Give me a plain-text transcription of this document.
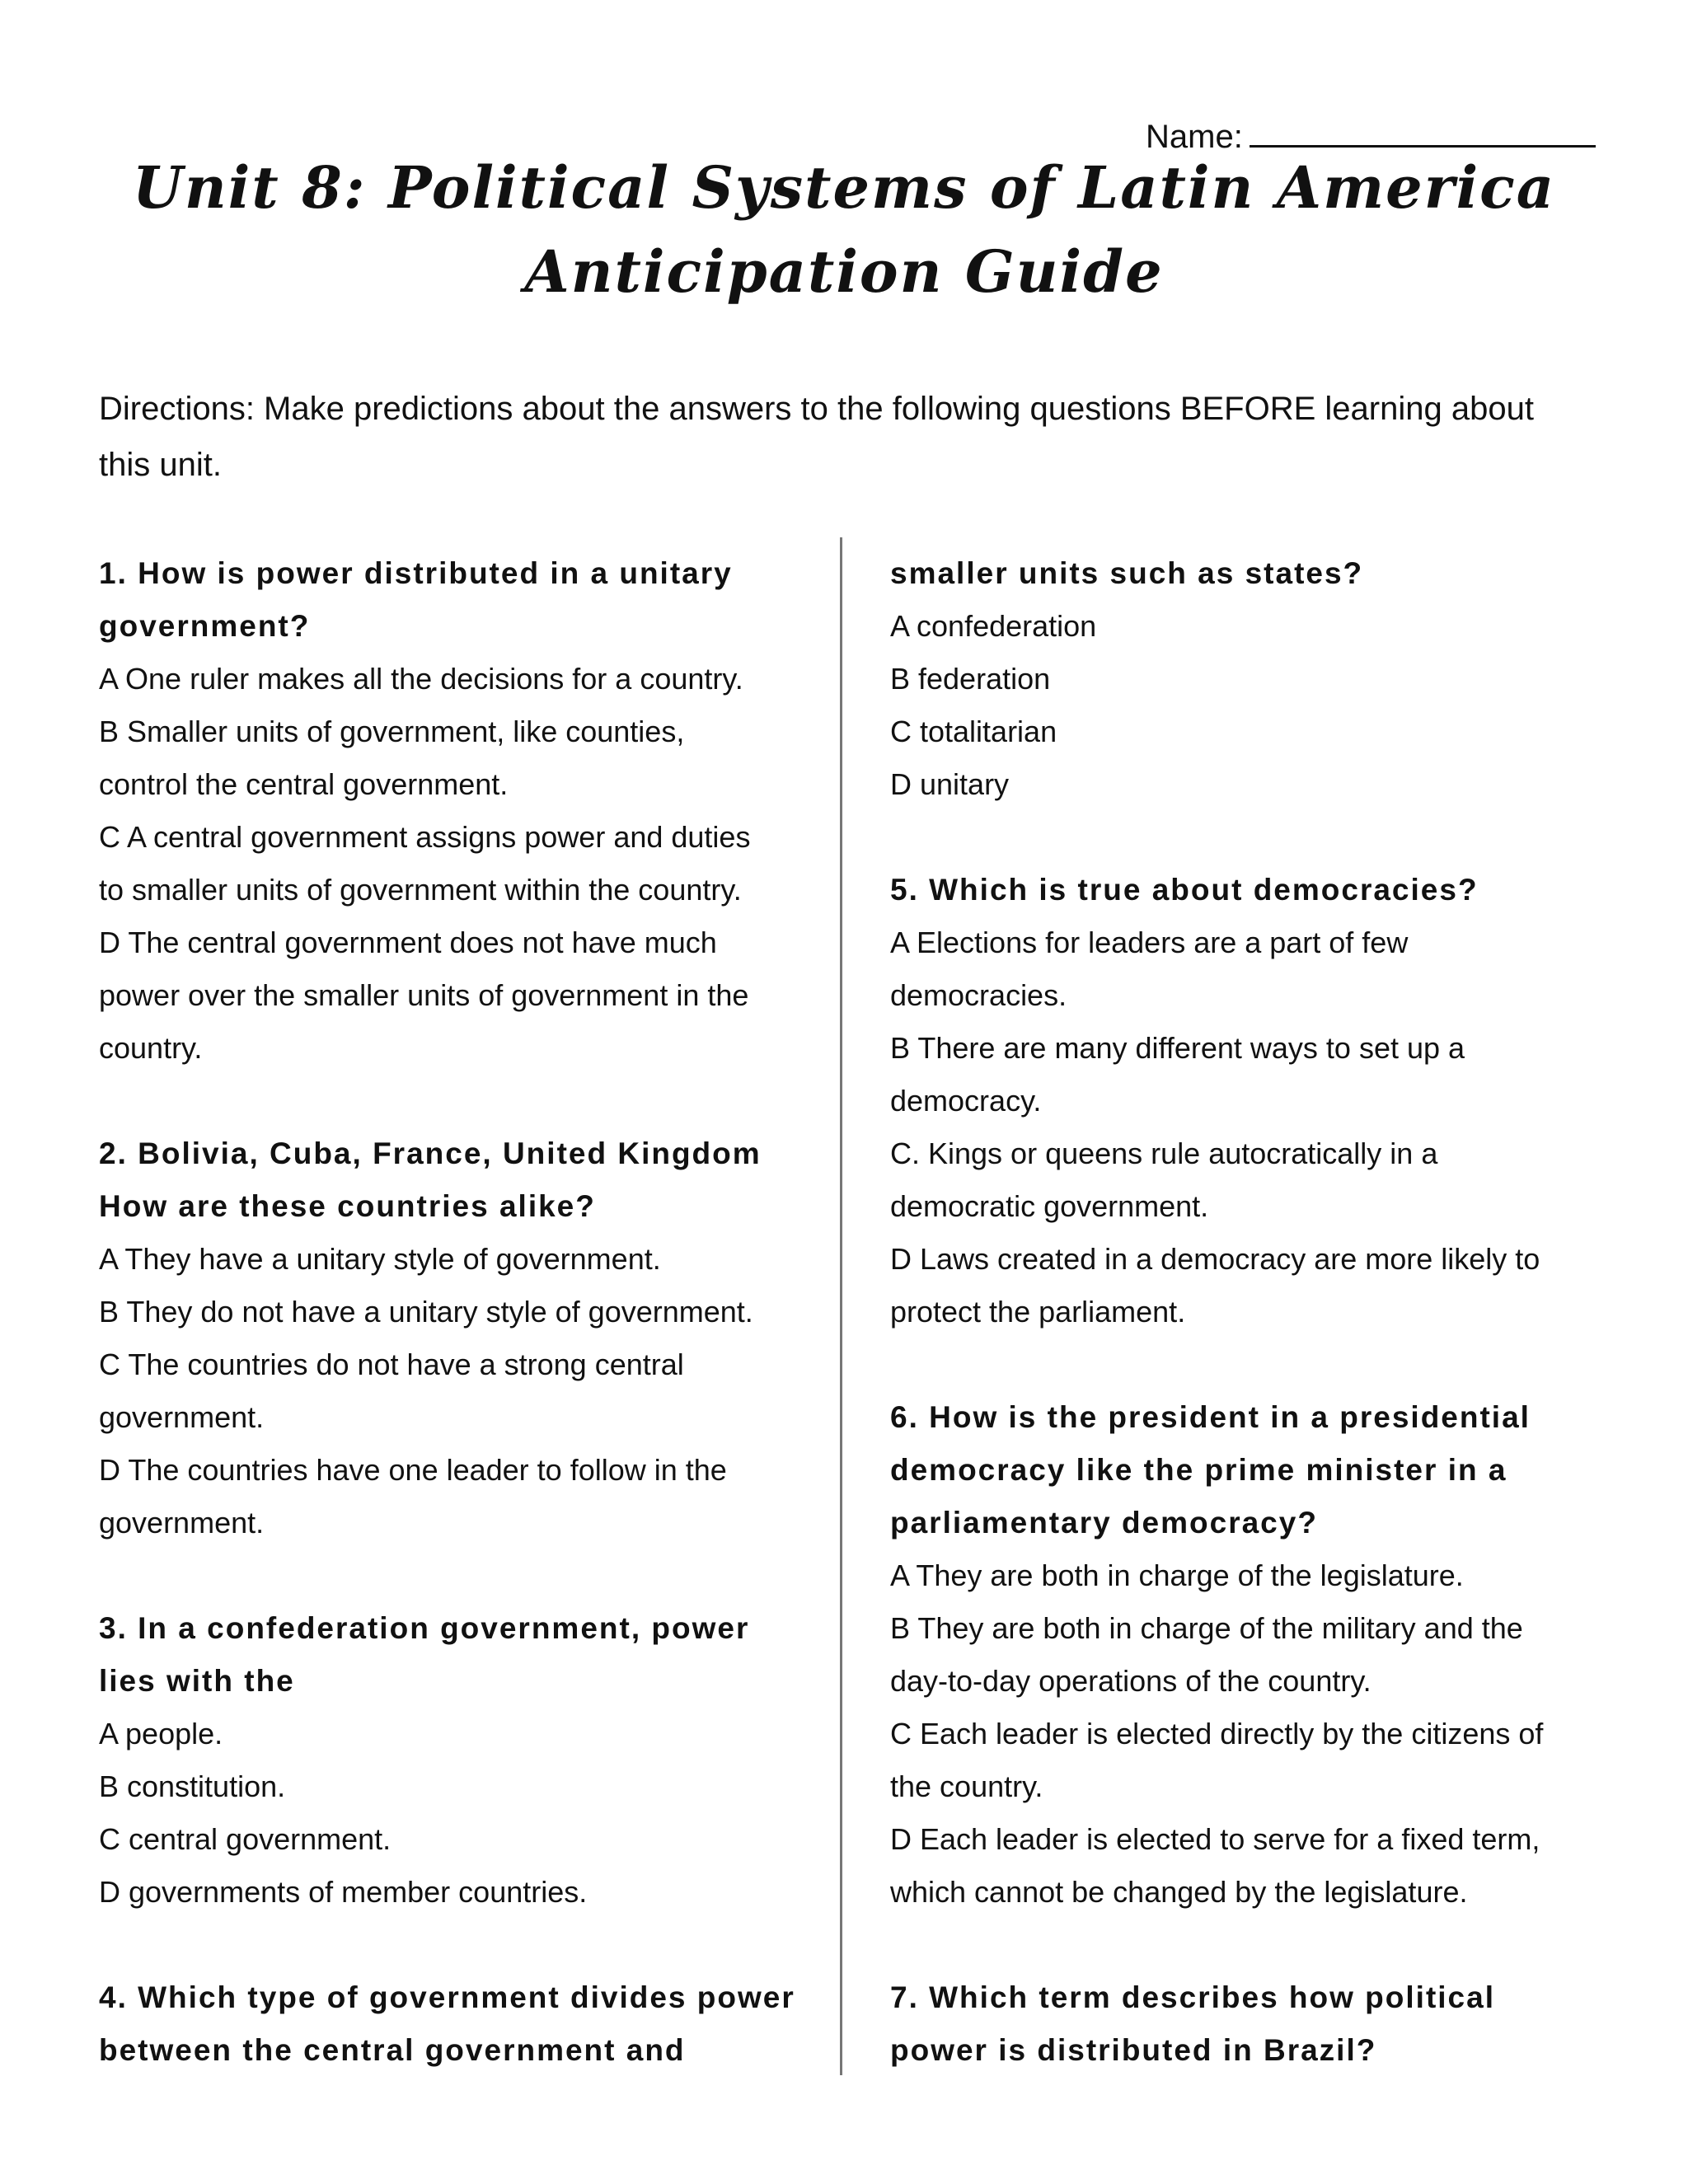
Name:
Unit 8: Political Systems of Latin America
Anticipation Guide
Directions: Make predictions about the answers to the following questions BEFORE learning about this unit.
1. How is power distributed in a unitary
government?
A One ruler makes all the decisions for a country.
B Smaller units of government, like counties,
control the central government.
C A central government assigns power and duties
to smaller units of government within the country.
D The central government does not have much
power over the smaller units of government in the
country.
2. Bolivia, Cuba, France, United Kingdom
How are these countries alike?
A They have a unitary style of government.
B They do not have a unitary style of government.
C The countries do not have a strong central
government.
D The countries have one leader to follow in the
government.
3. In a confederation government, power
lies with the
A people.
B constitution.
C central government.
D governments of member countries.
4. Which type of government divides power
between the central government and
smaller units such as states?
A confederation
B federation
C totalitarian
D unitary
5. Which is true about democracies?
A Elections for leaders are a part of few
democracies.
B There are many different ways to set up a
democracy.
C. Kings or queens rule autocratically in a
democratic government.
D Laws created in a democracy are more likely to
protect the parliament.
6. How is the president in a presidential
democracy like the prime minister in a
parliamentary democracy?
A They are both in charge of the legislature.
B They are both in charge of the military and the
day-to-day operations of the country.
C Each leader is elected directly by the citizens of
the country.
D Each leader is elected to serve for a fixed term,
which cannot be changed by the legislature.
7. Which term describes how political
power is distributed in Brazil?
